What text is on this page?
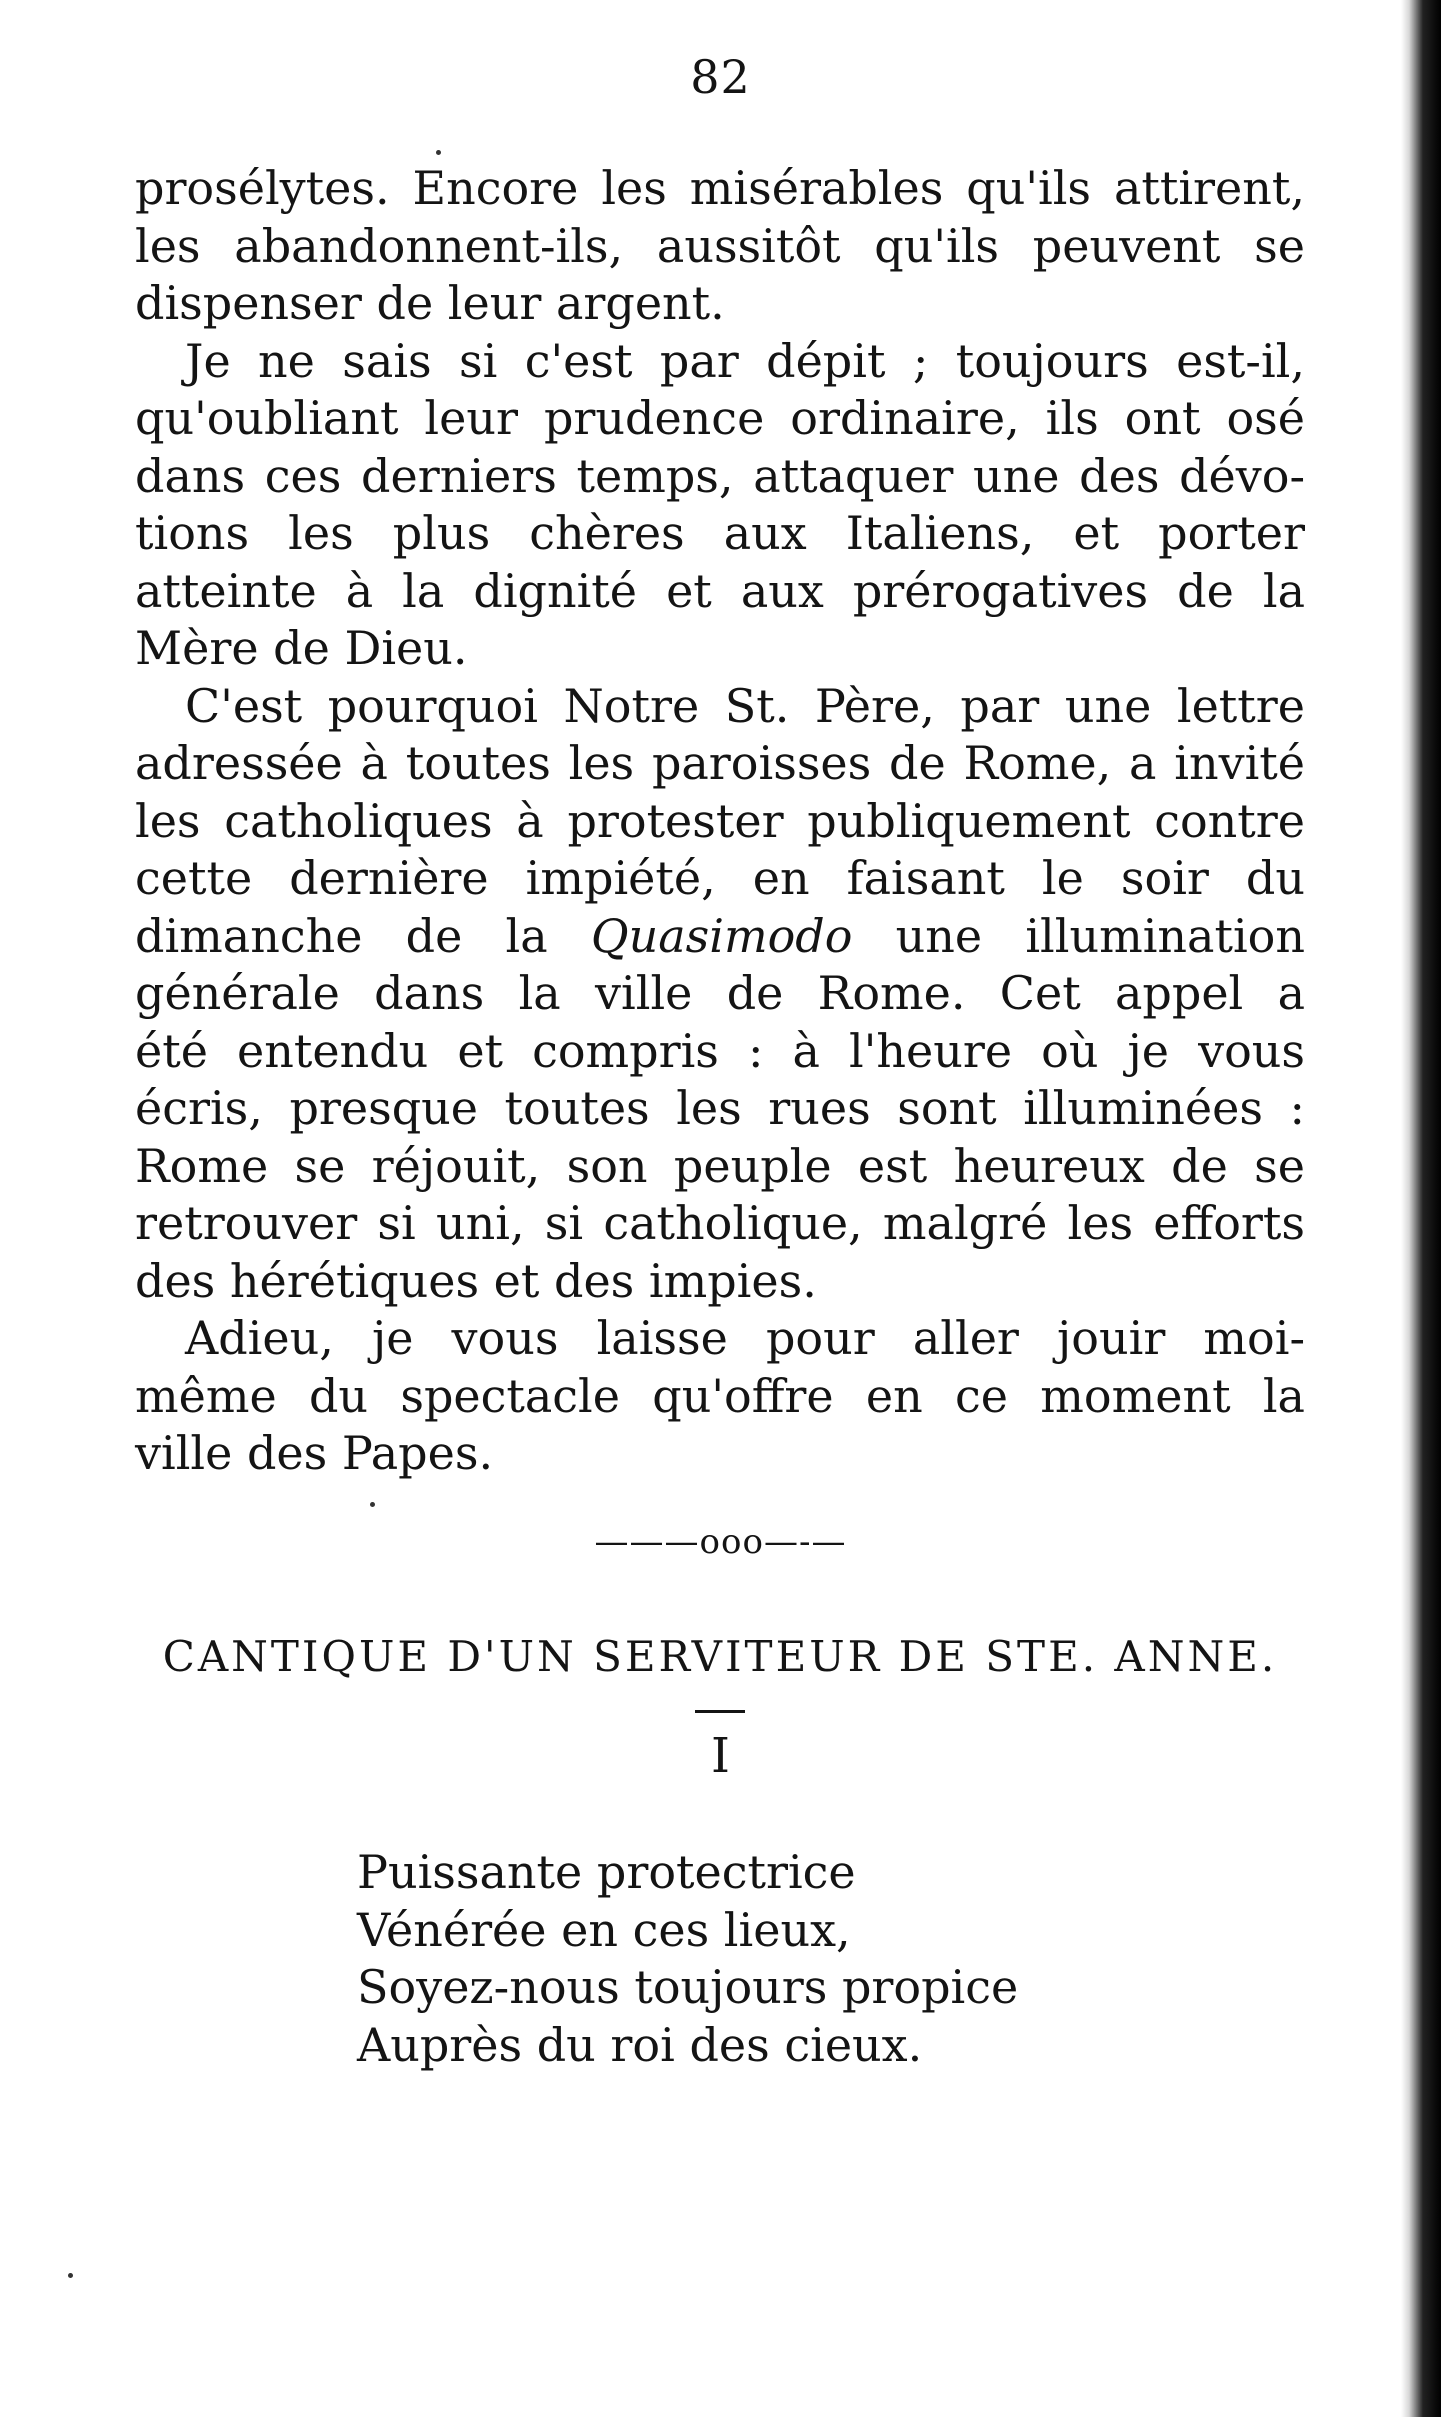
82
prosélytes. Encore les misérables qu'ils attirent,
les abandonnent-ils, aussitôt qu'ils peuvent se
dispenser de leur argent.
Je ne sais si c'est par dépit ; toujours est-il,
qu'oubliant leur prudence ordinaire, ils ont osé
dans ces derniers temps, attaquer une des dévo-
tions les plus chères aux Italiens, et porter
atteinte à la dignité et aux prérogatives de la
Mère de Dieu.
C'est pourquoi Notre St. Père, par une lettre
adressée à toutes les paroisses de Rome, a invité
les catholiques à protester publiquement contre
cette dernière impiété, en faisant le soir du
dimanche de la Quasimodo une illumination
générale dans la ville de Rome. Cet appel a
été entendu et compris : à l'heure où je vous
écris, presque toutes les rues sont illuminées :
Rome se réjouit, son peuple est heureux de se
retrouver si uni, si catholique, malgré les efforts
des hérétiques et des impies.
Adieu, je vous laisse pour aller jouir moi-
même du spectacle qu'offre en ce moment la
ville des Papes.
———ooo—-—
CANTIQUE D'UN SERVITEUR DE STE. ANNE.
I
Puissante protectrice
Vénérée en ces lieux,
Soyez-nous toujours propice
Auprès du roi des cieux.
